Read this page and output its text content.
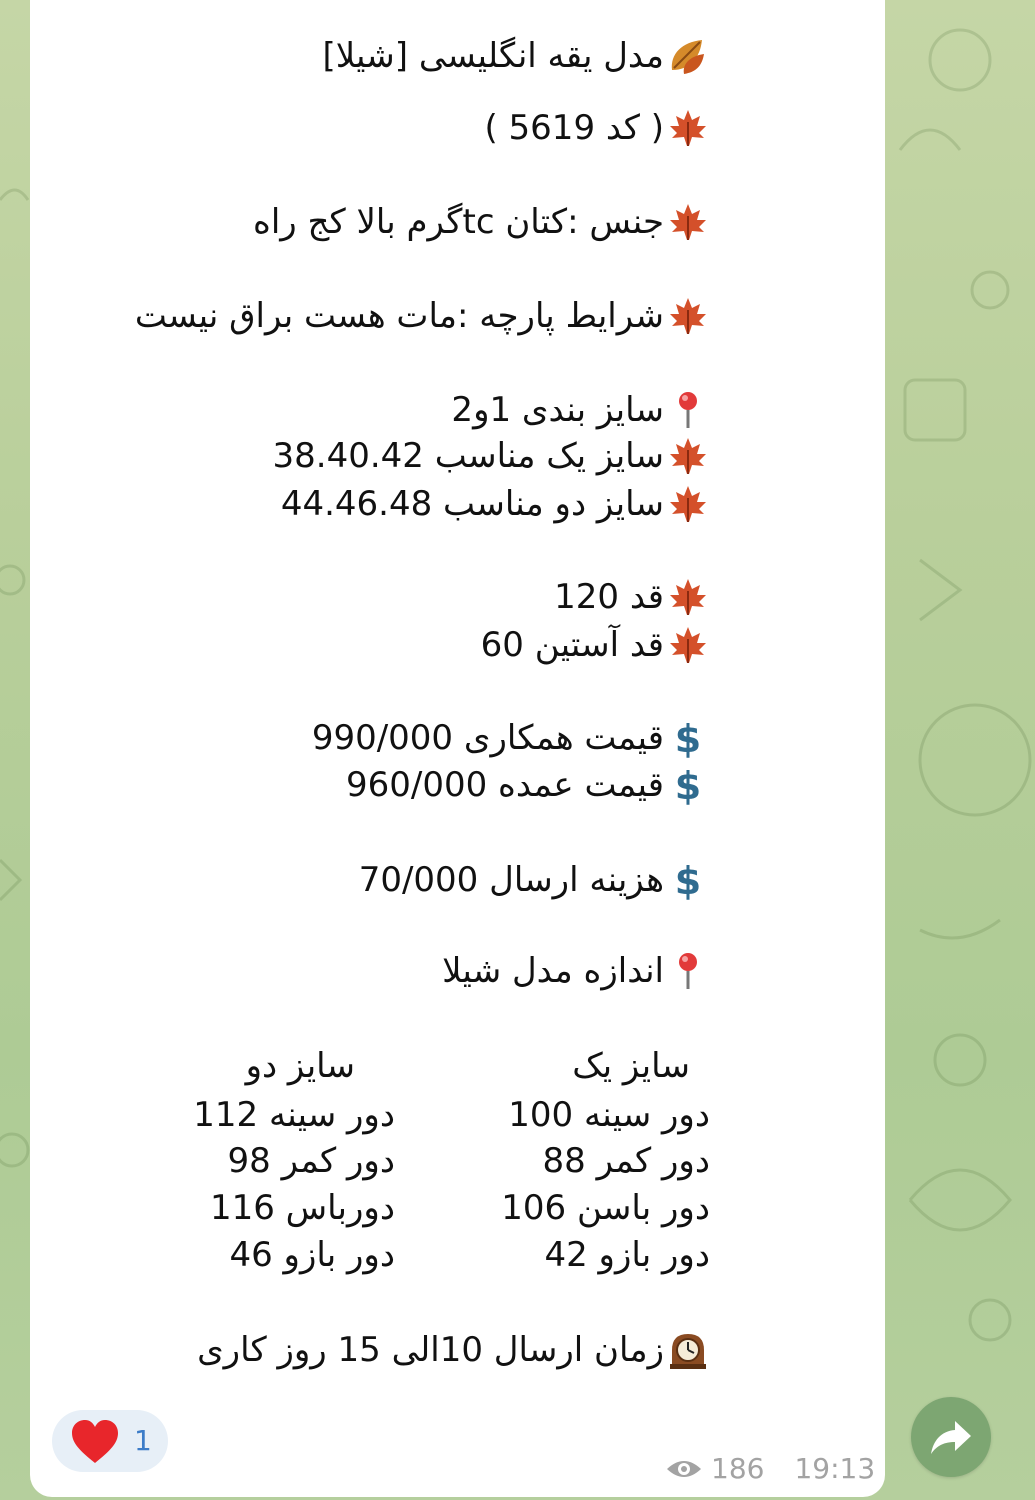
مدل یقه انگلیسی [شیلا]
( کد 5619 )
جنس :کتان tcگرم بالا کج راه
شرایط پارچه :مات هست براق نیست
سایز بندی 1و2
سایز یک مناسب 38.40.42
سایز دو مناسب 44.46.48
قد 120
قد آستین 60
$
قیمت همکاری 990/000
$
قیمت عمده 960/000
$
هزینه ارسال 70/000
اندازه مدل شیلا
سایز یک
دور سینه 100
دور کمر 88
دور باسن 106
دور بازو 42
سایز دو
دور سینه 112
دور کمر 98
دورباس 116
دور بازو 46
زمان ارسال 10الی 15 روز کاری
1
186 19:13
